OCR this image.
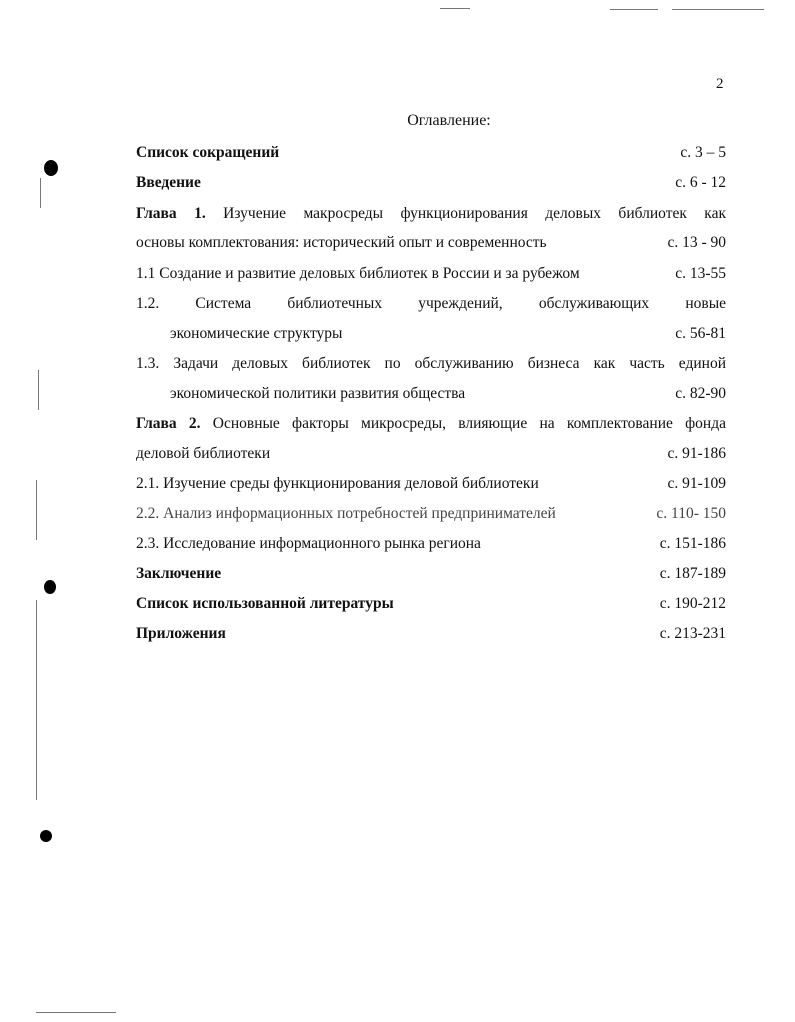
2
Оглавление:
Список сокращений	с. 3 – 5
Введение	с. 6 - 12
Глава 1. Изучение макросреды функционирования деловых библиотек как
основы комплектования: исторический опыт и современность	с. 13 - 90
1.1 Создание и развитие деловых библиотек в России и за рубежом	с. 13-55
1.2. Система библиотечных учреждений, обслуживающих новые
экономические структуры	с. 56-81
1.3. Задачи деловых библиотек по обслуживанию бизнеса как часть единой
экономической политики развития общества	с. 82-90
Глава 2. Основные факторы микросреды, влияющие на комплектование фонда
деловой библиотеки	с. 91-186
2.1. Изучение среды функционирования деловой библиотеки	с. 91-109
2.2. Анализ информационных потребностей предпринимателей	с. 110- 150
2.3. Исследование информационного рынка региона	с. 151-186
Заключение	с. 187-189
Список использованной литературы	с. 190-212
Приложения	с. 213-231
